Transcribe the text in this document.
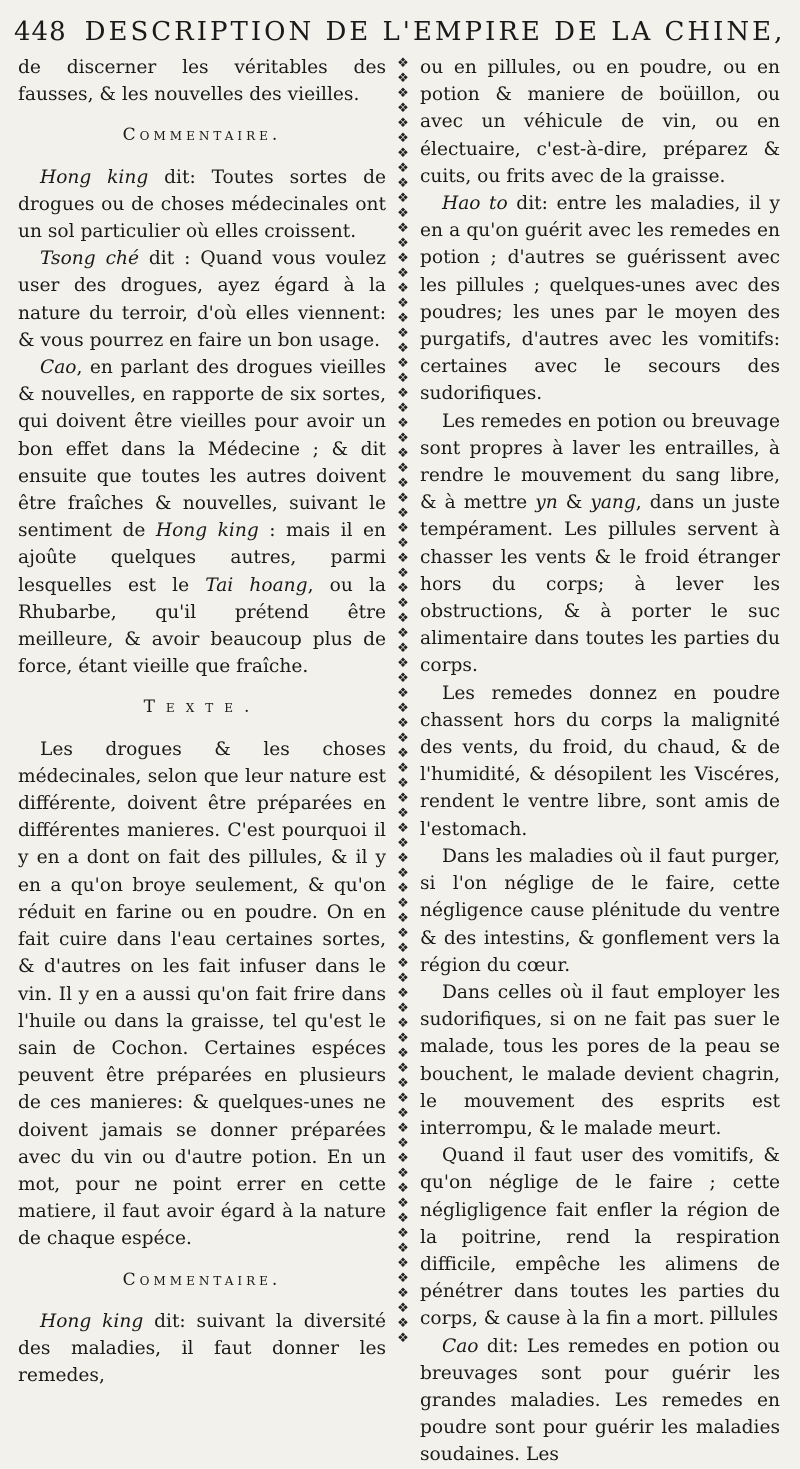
448 DESCRIPTION DE L'EMPIRE DE LA CHINE,

de discerner les véritables des fausses, & les nouvelles des vieilles.

Commentaire.

Hong king dit: Toutes sortes de drogues ou de choses médecinales ont un sol particulier où elles croissent.

Tsong ché dit : Quand vous voulez user des drogues, ayez égard à la nature du terroir, d'où elles viennent: & vous pourrez en faire un bon usage.

Cao, en parlant des drogues vieilles & nouvelles, en rapporte de six sortes, qui doivent être vieilles pour avoir un bon effet dans la Médecine ; & dit ensuite que toutes les autres doivent être fraîches & nouvelles, suivant le sentiment de Hong king : mais il en ajoûte quelques autres, parmi lesquelles est le Tai hoang, ou la Rhubarbe, qu'il prétend être meilleure, & avoir beaucoup plus de force, étant vieille que fraîche.

Texte.

Les drogues & les choses médecinales, selon que leur nature est différente, doivent être préparées en différentes manieres. C'est pourquoi il y en a dont on fait des pillules, & il y en a qu'on broye seulement, & qu'on réduit en farine ou en poudre. On en fait cuire dans l'eau certaines sortes, & d'autres on les fait infuser dans le vin. Il y en a aussi qu'on fait frire dans l'huile ou dans la graisse, tel qu'est le sain de Cochon. Certaines espéces peuvent être préparées en plusieurs de ces manieres: & quelques-unes ne doivent jamais se donner préparées avec du vin ou d'autre potion. En un mot, pour ne point errer en cette matiere, il faut avoir égard à la nature de chaque espéce.

Commentaire.

Hong king dit: suivant la diversité des maladies, il faut donner les remedes,

❖
❖
❖
❖
❖
❖
❖
❖
❖
❖
❖
❖
❖
❖
❖
❖
❖
❖
❖
❖
❖
❖
❖
❖
❖
❖
❖
❖
❖
❖
❖
❖
❖
❖
❖
❖
❖
❖
❖
❖
❖
❖
❖
❖
❖
❖
❖
❖
❖
❖
❖
❖
❖
❖
❖
❖
❖
❖
❖
❖
❖
❖
❖
❖
❖
❖
❖
❖
❖
❖
❖
❖
❖
❖
❖
❖
❖
❖
❖
❖
❖
❖
❖
❖
❖
❖

ou en pillules, ou en poudre, ou en potion & maniere de boüillon, ou avec un véhicule de vin, ou en électuaire, c'est-à-dire, préparez & cuits, ou frits avec de la graisse.

Hao to dit: entre les maladies, il y en a qu'on guérit avec les remedes en potion ; d'autres se guérissent avec les pillules ; quelques-unes avec des poudres; les unes par le moyen des purgatifs, d'autres avec les vomitifs: certaines avec le secours des sudorifiques.

Les remedes en potion ou breuvage sont propres à laver les entrailles, à rendre le mouvement du sang libre, & à mettre yn & yang, dans un juste tempérament. Les pillules servent à chasser les vents & le froid étranger hors du corps; à lever les obstructions, & à porter le suc alimentaire dans toutes les parties du corps.

Les remedes donnez en poudre chassent hors du corps la malignité des vents, du froid, du chaud, & de l'humidité, & désopilent les Viscéres, rendent le ventre libre, sont amis de l'estomach.

Dans les maladies où il faut purger, si l'on néglige de le faire, cette négligence cause plénitude du ventre & des intestins, & gonflement vers la région du cœur.

Dans celles où il faut employer les sudorifiques, si on ne fait pas suer le malade, tous les pores de la peau se bouchent, le malade devient chagrin, le mouvement des esprits est interrompu, & le malade meurt.

Quand il faut user des vomitifs, & qu'on néglige de le faire ; cette négligligence fait enfler la région de la poitrine, rend la respiration difficile, empêche les alimens de pénétrer dans toutes les parties du corps, & cause à la fin a mort.

Cao dit: Les remedes en potion ou breuvages sont pour guérir les grandes maladies. Les remedes en poudre sont pour guérir les maladies soudaines. Les

pillules
